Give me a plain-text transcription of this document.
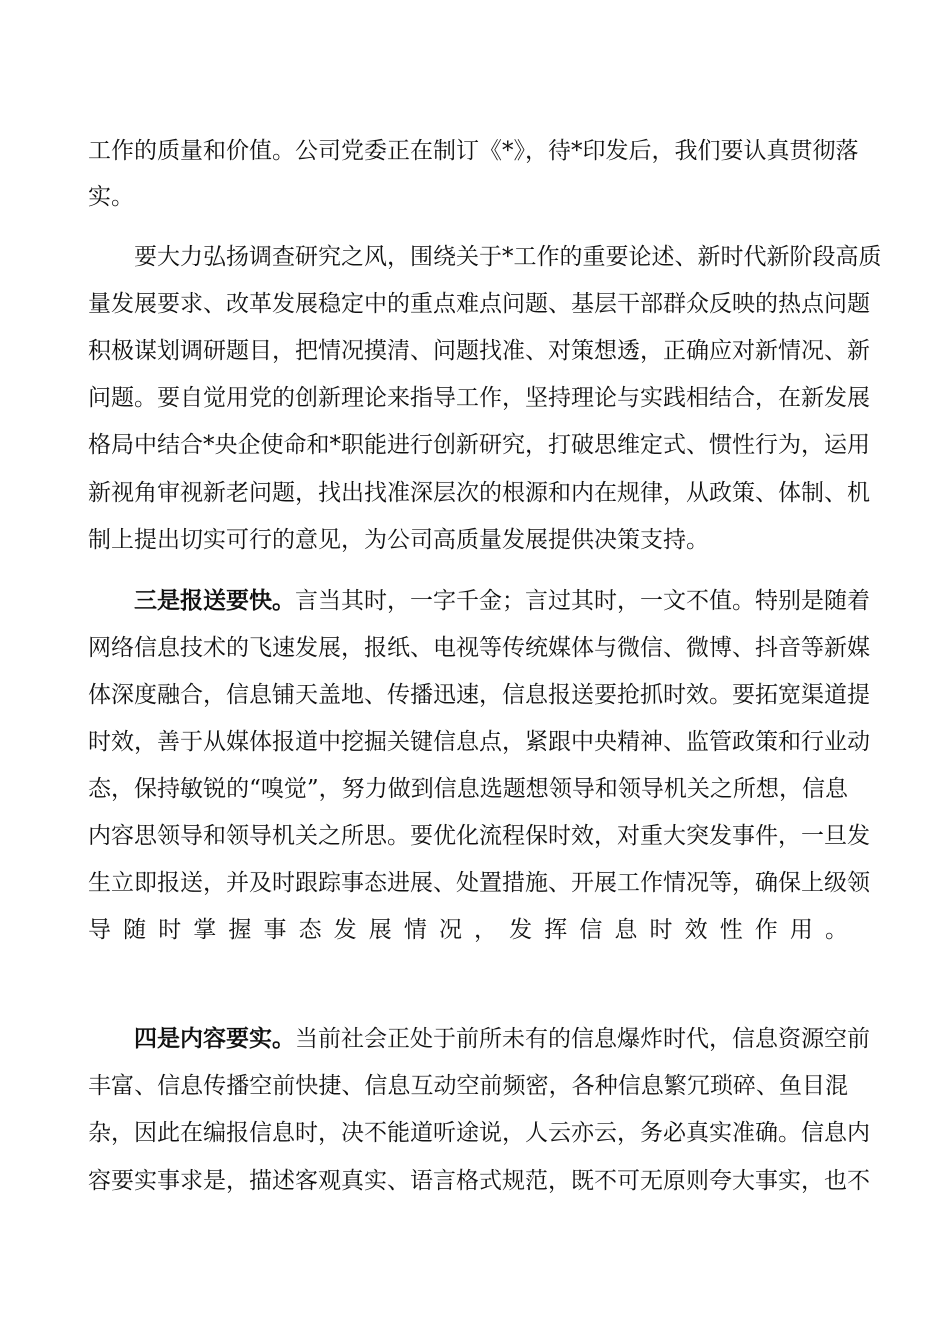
工作的质量和价值。公司党委正在制订《*》，待*印发后，我们要认真贯彻落
实。
要大力弘扬调查研究之风，围绕关于*工作的重要论述、新时代新阶段高质
量发展要求、改革发展稳定中的重点难点问题、基层干部群众反映的热点问题
积极谋划调研题目，把情况摸清、问题找准、对策想透，正确应对新情况、新
问题。要自觉用党的创新理论来指导工作，坚持理论与实践相结合，在新发展
格局中结合*央企使命和*职能进行创新研究，打破思维定式、惯性行为，运用
新视角审视新老问题，找出找准深层次的根源和内在规律，从政策、体制、机
制上提出切实可行的意见，为公司高质量发展提供决策支持。
三是报送要快。言当其时，一字千金；言过其时，一文不值。特别是随着
网络信息技术的飞速发展，报纸、电视等传统媒体与微信、微博、抖音等新媒
体深度融合，信息铺天盖地、传播迅速，信息报送要抢抓时效。要拓宽渠道提
时效，善于从媒体报道中挖掘关键信息点，紧跟中央精神、监管政策和行业动
态，保持敏锐的“嗅觉”，努力做到信息选题想领导和领导机关之所想，信息
内容思领导和领导机关之所思。要优化流程保时效，对重大突发事件，一旦发
生立即报送，并及时跟踪事态进展、处置措施、开展工作情况等，确保上级领
导随时掌握事态发展情况，发挥信息时效性作用。
四是内容要实。当前社会正处于前所未有的信息爆炸时代，信息资源空前
丰富、信息传播空前快捷、信息互动空前频密，各种信息繁冗琐碎、鱼目混
杂，因此在编报信息时，决不能道听途说，人云亦云，务必真实准确。信息内
容要实事求是，描述客观真实、语言格式规范，既不可无原则夸大事实，也不
